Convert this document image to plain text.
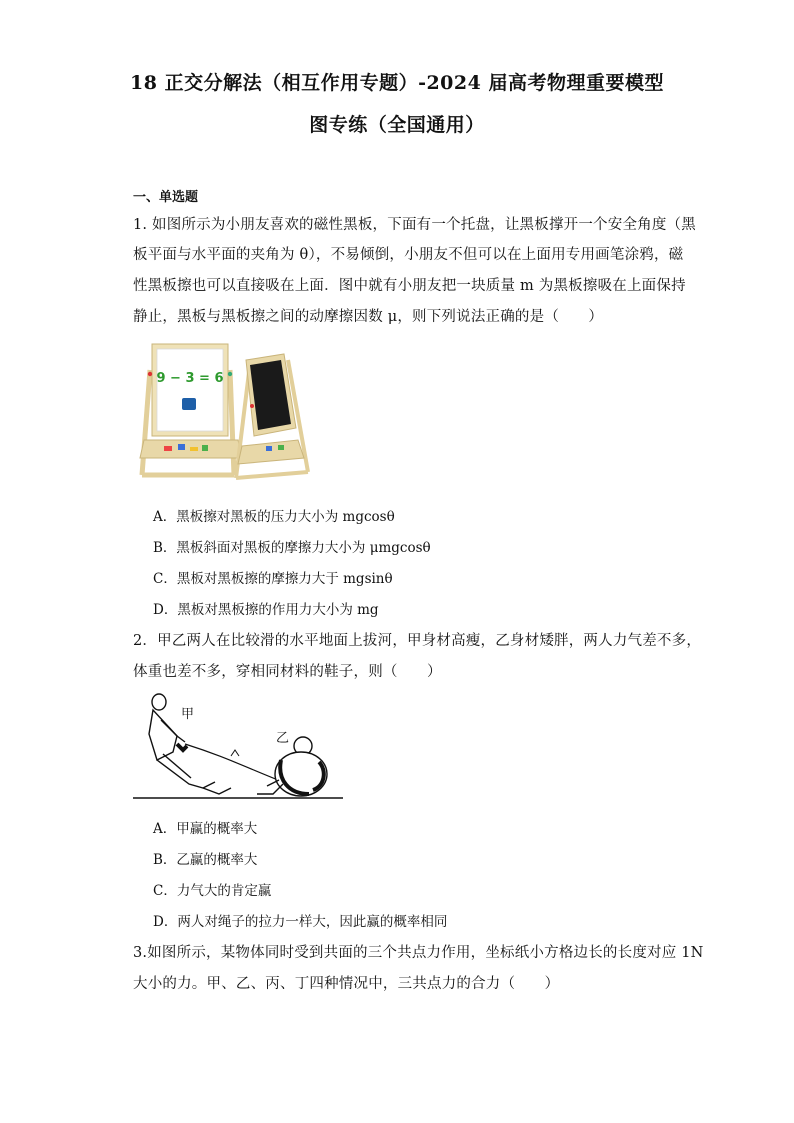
18 正交分解法（相互作用专题）-2024 届高考物理重要模型
图专练（全国通用）
一、单选题
1. 如图所示为小朋友喜欢的磁性黑板，下面有一个托盘，让黑板撑开一个安全角度（黑
板平面与水平面的夹角为 θ），不易倾倒，小朋友不但可以在上面用专用画笔涂鸦，磁
性黑板擦也可以直接吸在上面．图中就有小朋友把一块质量 m 为黑板擦吸在上面保持
静止，黑板与黑板擦之间的动摩擦因数 μ，则下列说法正确的是（　　）
9 − 3 = 6
A．黑板擦对黑板的压力大小为 mgcosθ
B．黑板斜面对黑板的摩擦力大小为 μmgcosθ
C．黑板对黑板擦的摩擦力大于 mgsinθ
D．黑板对黑板擦的作用力大小为 mg
2．甲乙两人在比较滑的水平地面上拔河，甲身材高瘦，乙身材矮胖，两人力气差不多，
体重也差不多，穿相同材料的鞋子，则（　　）
甲
乙
A．甲赢的概率大
B．乙赢的概率大
C．力气大的肯定赢
D．两人对绳子的拉力一样大，因此赢的概率相同
3.如图所示，某物体同时受到共面的三个共点力作用，坐标纸小方格边长的长度对应 1N
大小的力。甲、乙、丙、丁四种情况中，三共点力的合力（　　）
